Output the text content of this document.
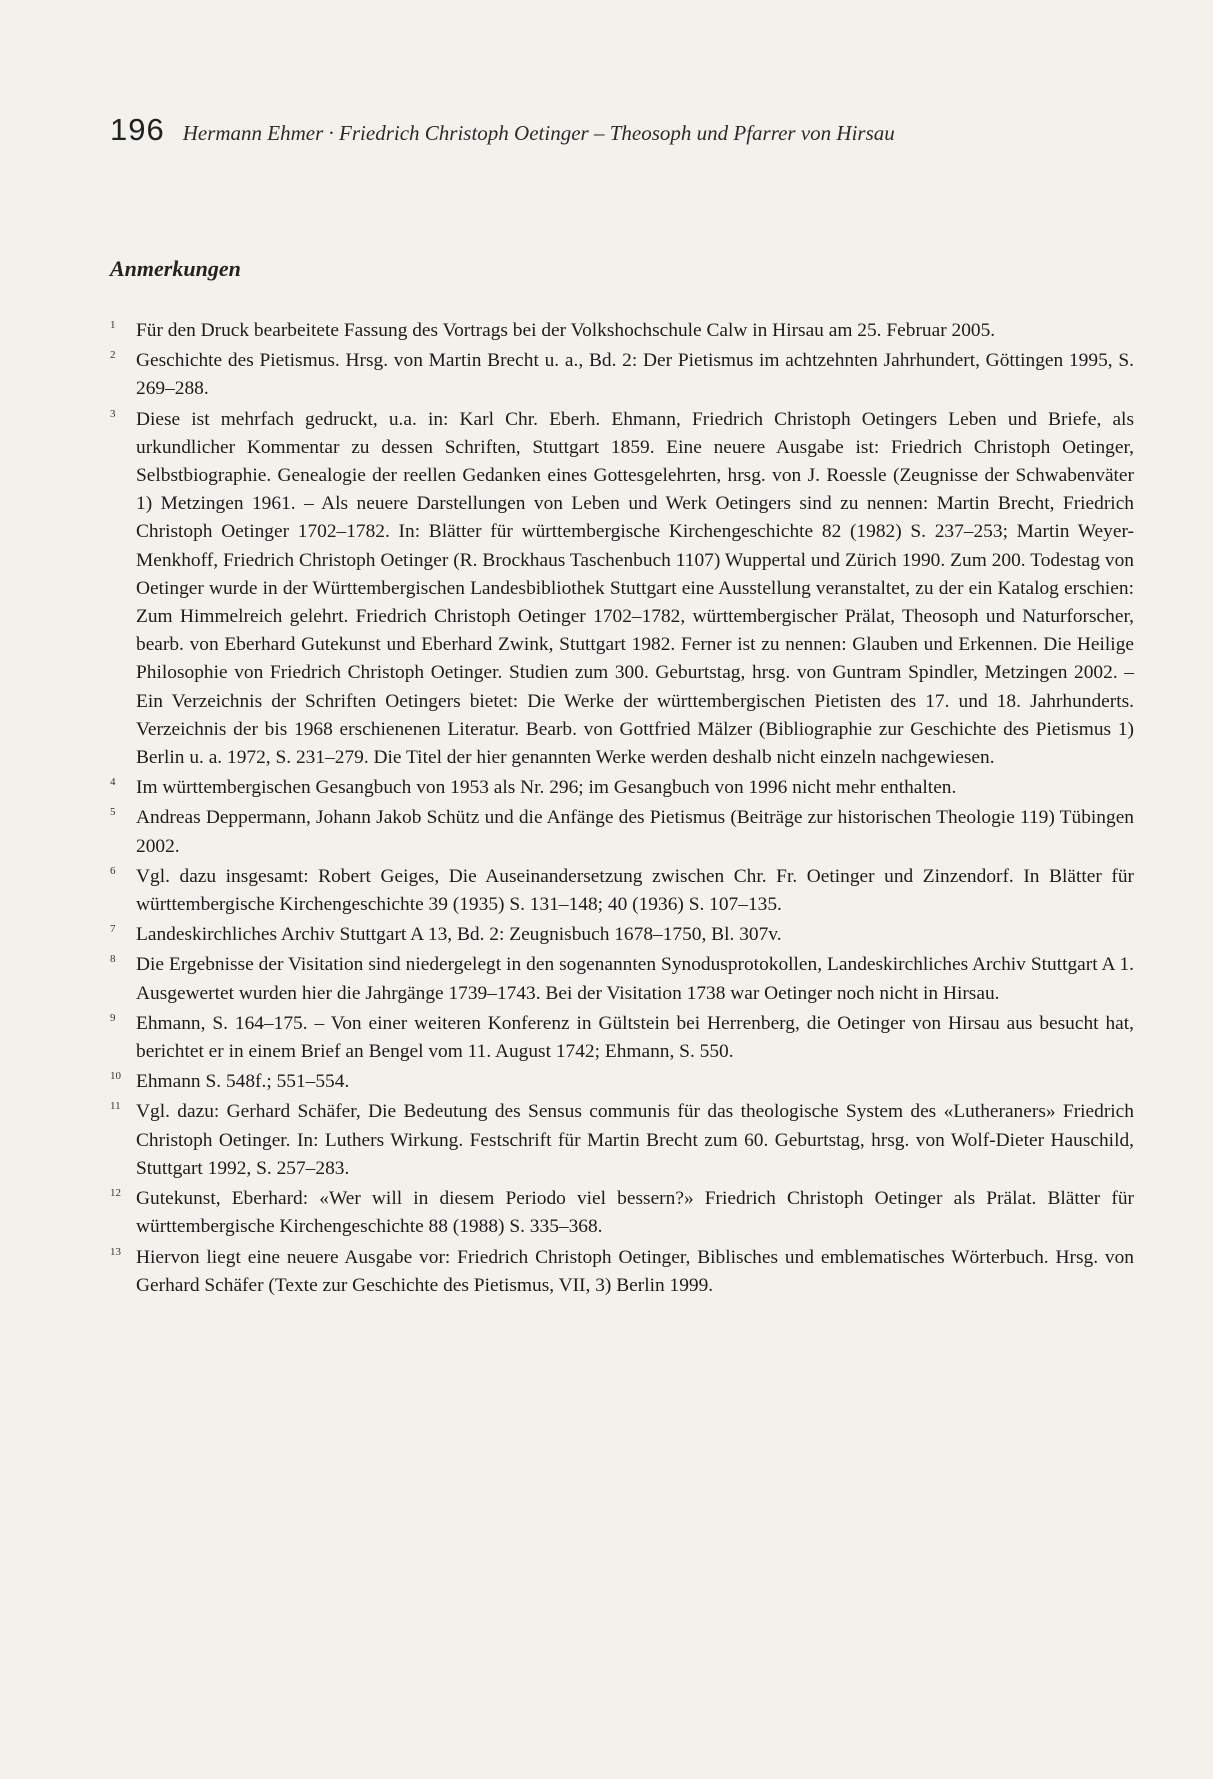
196 Hermann Ehmer · Friedrich Christoph Oetinger – Theosoph und Pfarrer von Hirsau
Anmerkungen
1 Für den Druck bearbeitete Fassung des Vortrags bei der Volkshochschule Calw in Hirsau am 25. Februar 2005.
2 Geschichte des Pietismus. Hrsg. von Martin Brecht u. a., Bd. 2: Der Pietismus im achtzehnten Jahrhundert, Göttingen 1995, S. 269–288.
3 Diese ist mehrfach gedruckt, u.a. in: Karl Chr. Eberh. Ehmann, Friedrich Christoph Oetingers Leben und Briefe, als urkundlicher Kommentar zu dessen Schriften, Stuttgart 1859. Eine neuere Ausgabe ist: Friedrich Christoph Oetinger, Selbstbiographie. Genealogie der reellen Gedanken eines Gottesgelehrten, hrsg. von J. Roessle (Zeugnisse der Schwabenväter 1) Metzingen 1961. – Als neuere Darstellungen von Leben und Werk Oetingers sind zu nennen: Martin Brecht, Friedrich Christoph Oetinger 1702–1782. In: Blätter für württembergische Kirchengeschichte 82 (1982) S. 237–253; Martin Weyer-Menkhoff, Friedrich Christoph Oetinger (R. Brockhaus Taschenbuch 1107) Wuppertal und Zürich 1990. Zum 200. Todestag von Oetinger wurde in der Württembergischen Landesbibliothek Stuttgart eine Ausstellung veranstaltet, zu der ein Katalog erschien: Zum Himmelreich gelehrt. Friedrich Christoph Oetinger 1702–1782, württembergischer Prälat, Theosoph und Naturforscher, bearb. von Eberhard Gutekunst und Eberhard Zwink, Stuttgart 1982. Ferner ist zu nennen: Glauben und Erkennen. Die Heilige Philosophie von Friedrich Christoph Oetinger. Studien zum 300. Geburtstag, hrsg. von Guntram Spindler, Metzingen 2002. – Ein Verzeichnis der Schriften Oetingers bietet: Die Werke der württembergischen Pietisten des 17. und 18. Jahrhunderts. Verzeichnis der bis 1968 erschienenen Literatur. Bearb. von Gottfried Mälzer (Bibliographie zur Geschichte des Pietismus 1) Berlin u. a. 1972, S. 231–279. Die Titel der hier genannten Werke werden deshalb nicht einzeln nachgewiesen.
4 Im württembergischen Gesangbuch von 1953 als Nr. 296; im Gesangbuch von 1996 nicht mehr enthalten.
5 Andreas Deppermann, Johann Jakob Schütz und die Anfänge des Pietismus (Beiträge zur historischen Theologie 119) Tübingen 2002.
6 Vgl. dazu insgesamt: Robert Geiges, Die Auseinandersetzung zwischen Chr. Fr. Oetinger und Zinzendorf. In Blätter für württembergische Kirchengeschichte 39 (1935) S. 131–148; 40 (1936) S. 107–135.
7 Landeskirchliches Archiv Stuttgart A 13, Bd. 2: Zeugnisbuch 1678–1750, Bl. 307v.
8 Die Ergebnisse der Visitation sind niedergelegt in den sogenannten Synodusprotokollen, Landeskirchliches Archiv Stuttgart A 1. Ausgewertet wurden hier die Jahrgänge 1739–1743. Bei der Visitation 1738 war Oetinger noch nicht in Hirsau.
9 Ehmann, S. 164–175. – Von einer weiteren Konferenz in Gültstein bei Herrenberg, die Oetinger von Hirsau aus besucht hat, berichtet er in einem Brief an Bengel vom 11. August 1742; Ehmann, S. 550.
10 Ehmann S. 548f.; 551–554.
11 Vgl. dazu: Gerhard Schäfer, Die Bedeutung des Sensus communis für das theologische System des «Lutheraners» Friedrich Christoph Oetinger. In: Luthers Wirkung. Festschrift für Martin Brecht zum 60. Geburtstag, hrsg. von Wolf-Dieter Hauschild, Stuttgart 1992, S. 257–283.
12 Gutekunst, Eberhard: «Wer will in diesem Periodo viel bessern?» Friedrich Christoph Oetinger als Prälat. Blätter für württembergische Kirchengeschichte 88 (1988) S. 335–368.
13 Hiervon liegt eine neuere Ausgabe vor: Friedrich Christoph Oetinger, Biblisches und emblematisches Wörterbuch. Hrsg. von Gerhard Schäfer (Texte zur Geschichte des Pietismus, VII, 3) Berlin 1999.
